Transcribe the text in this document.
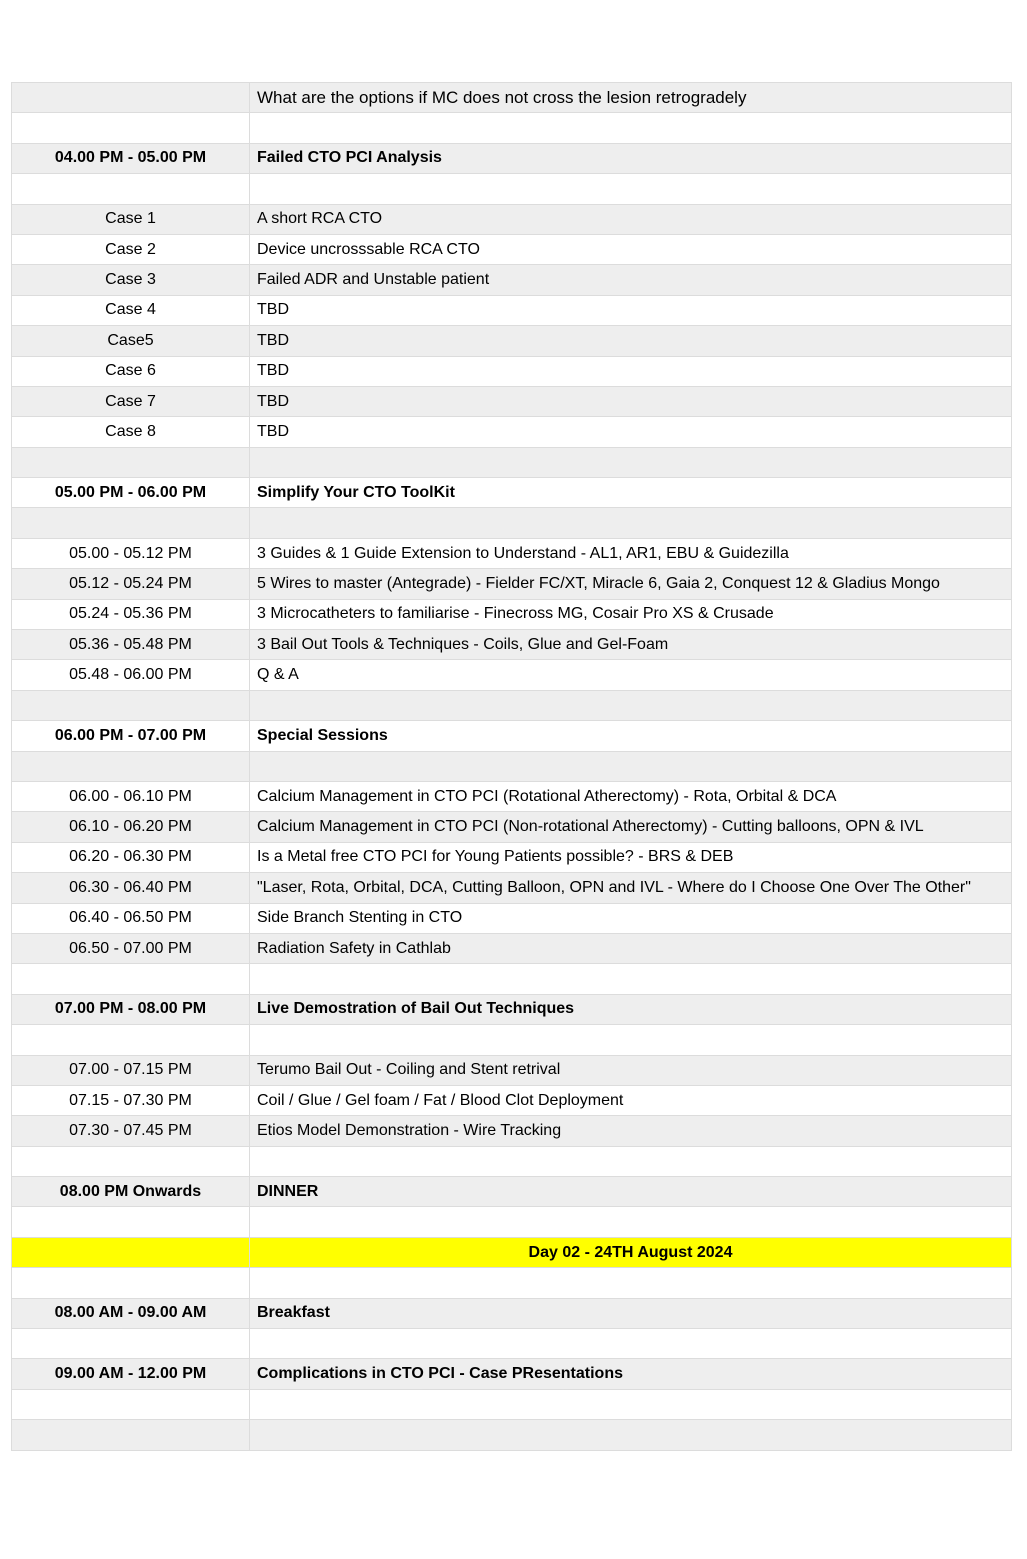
	What are the options if MC does not cross the lesion retrogradely

04.00 PM - 05.00 PM	Failed CTO PCI Analysis

Case 1	A short RCA CTO
Case 2	Device uncrosssable RCA CTO
Case 3	Failed ADR and Unstable patient
Case 4	TBD
Case5	TBD
Case 6	TBD
Case 7	TBD
Case 8	TBD

05.00 PM - 06.00 PM	Simplify Your CTO ToolKit

05.00 - 05.12 PM	3 Guides & 1 Guide Extension to Understand - AL1, AR1, EBU & Guidezilla
05.12 - 05.24 PM	5 Wires to master (Antegrade) - Fielder FC/XT, Miracle 6, Gaia 2, Conquest 12 & Gladius Mongo
05.24 - 05.36 PM	3 Microcatheters to familiarise - Finecross MG, Cosair Pro XS & Crusade
05.36 - 05.48 PM	3 Bail Out Tools & Techniques - Coils, Glue and Gel-Foam
05.48 - 06.00 PM	Q & A

06.00 PM - 07.00 PM	Special Sessions

06.00 - 06.10 PM	Calcium Management in CTO PCI (Rotational Atherectomy) - Rota, Orbital & DCA
06.10 - 06.20 PM	Calcium Management in CTO PCI (Non-rotational Atherectomy) - Cutting balloons, OPN & IVL
06.20 - 06.30 PM	Is a Metal free CTO PCI for Young Patients possible? - BRS & DEB
06.30 - 06.40 PM	"Laser, Rota, Orbital, DCA, Cutting Balloon, OPN and IVL - Where do I Choose One Over The Other"
06.40 - 06.50 PM	Side Branch Stenting in CTO
06.50 - 07.00 PM	Radiation Safety in Cathlab

07.00 PM - 08.00 PM	Live Demostration of Bail Out Techniques

07.00 - 07.15 PM	Terumo Bail Out - Coiling and Stent retrival
07.15 - 07.30 PM	Coil / Glue / Gel foam / Fat / Blood Clot Deployment
07.30 - 07.45 PM	Etios Model Demonstration - Wire Tracking

08.00 PM Onwards	DINNER

	Day 02 - 24TH August 2024

08.00 AM - 09.00 AM	Breakfast

09.00 AM - 12.00 PM	Complications in CTO PCI - Case PResentations
